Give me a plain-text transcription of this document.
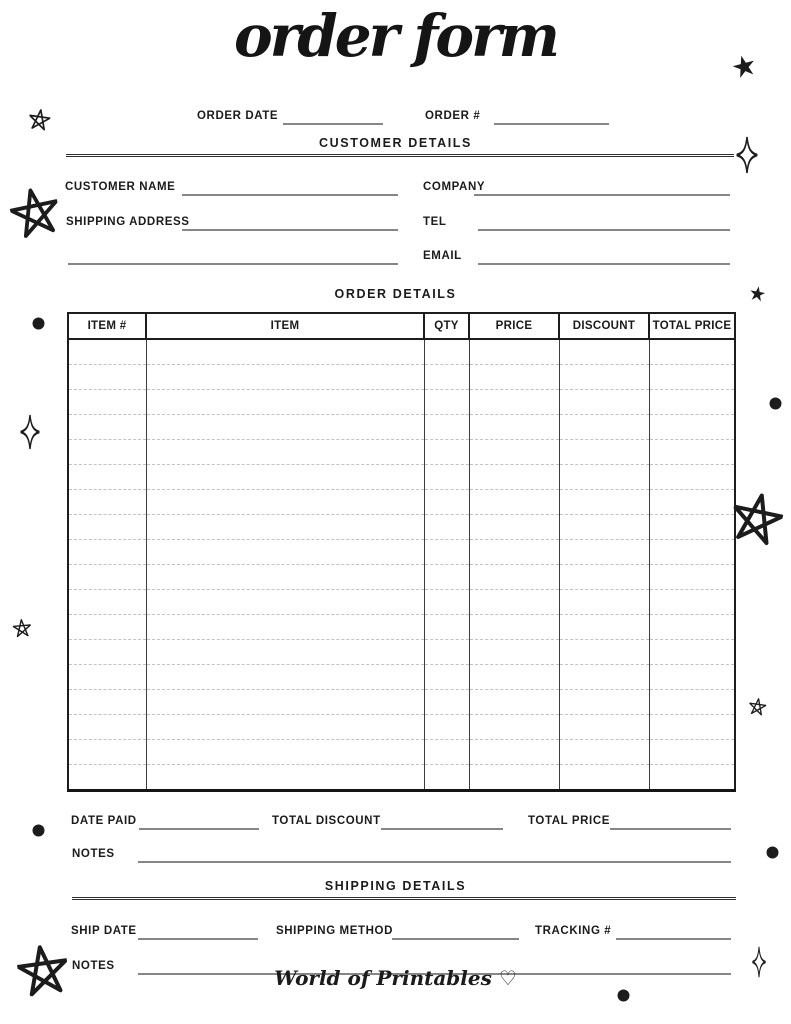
order form
ORDER DATE	ORDER #
CUSTOMER DETAILS
CUSTOMER NAME	COMPANY
SHIPPING ADDRESS	TEL
EMAIL
ORDER DETAILS
ITEM #	ITEM	QTY	PRICE	DISCOUNT	TOTAL PRICE

DATE PAID	TOTAL DISCOUNT	TOTAL PRICE
NOTES
SHIPPING DETAILS
SHIP DATE	SHIPPING METHOD	TRACKING #
NOTES	World of Printables ♡
